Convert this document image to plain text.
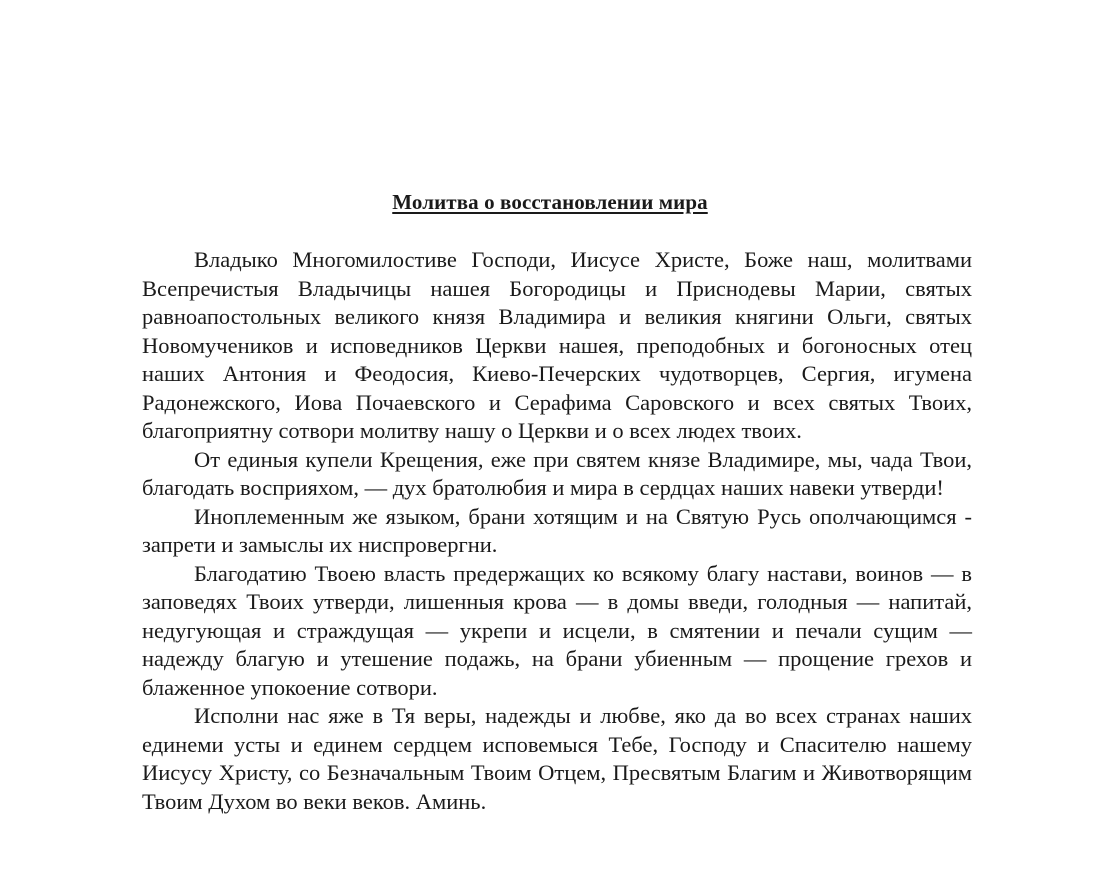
Молитва о восстановлении мира

Владыко Многомилостиве Господи, Иисусе Христе, Боже наш, молитвами Всепречистыя Владычицы нашея Богородицы и Приснодевы Марии, святых равноапостольных великого князя Владимира и великия княгини Ольги, святых Новомучеников и исповедников Церкви нашея, преподобных и богоносных отец наших Антония и Феодосия, Киево-Печерских чудотворцев, Сергия, игумена Радонежского, Иова Почаевского и Серафима Саровского и всех святых Твоих, благоприятну сотвори молитву нашу о Церкви и о всех людех твоих.

От единыя купели Крещения, еже при святем князе Владимире, мы, чада Твои, благодать восприяхом, — дух братолюбия и мира в сердцах наших навеки утверди!

Иноплеменным же языком, брани хотящим и на Святую Русь ополчающимся - запрети и замыслы их ниспровергни.

Благодатию Твоею власть предержащих ко всякому благу настави, воинов — в заповедях Твоих утверди, лишенныя крова — в домы введи, голодныя — напитай, недугующая и страждущая — укрепи и исцели, в смятении и печали сущим — надежду благую и утешение подажь, на брани убиенным — прощение грехов и блаженное упокоение сотвори.

Исполни нас яже в Тя веры, надежды и любве, яко да во всех странах наших единеми усты и единем сердцем исповемыся Тебе, Господу и Спасителю нашему Иисусу Христу, со Безначальным Твоим Отцем, Пресвятым Благим и Животворящим Твоим Духом во веки веков. Аминь.
